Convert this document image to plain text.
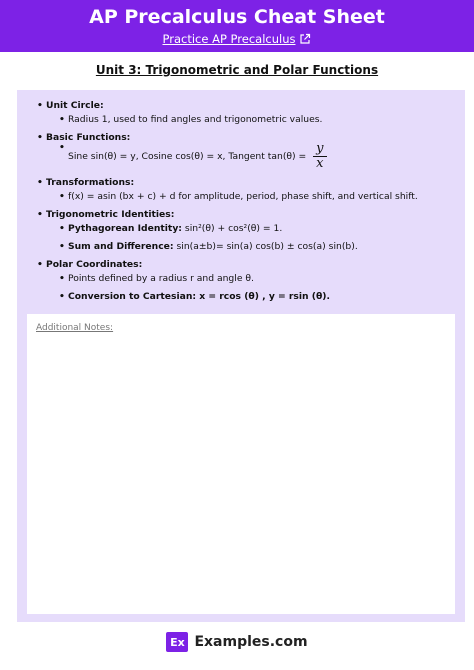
AP Precalculus Cheat Sheet
Practice AP Precalculus
Unit 3: Trigonometric and Polar Functions
• Unit Circle:
• Radius 1, used to find angles and trigonometric values.
• Basic Functions:
• Sine sin(θ) = y, Cosine cos(θ) = x, Tangent $\tan(\theta) = \frac{y}{x}$
• Transformations:
• f(x) = asin (bx + c) + d for amplitude, period, phase shift, and vertical shift.
• Trigonometric Identities:
• Pythagorean Identity: sin²(θ) + cos²(θ) = 1.
• Sum and Difference: sin(a±b)= sin(a) cos(b) ± cos(a) sin(b).
• Polar Coordinates:
• Points defined by a radius r and angle θ.
• Conversion to Cartesian: x = rcos (θ) , y = rsin (θ).
Additional Notes:
Ex Examples.com
